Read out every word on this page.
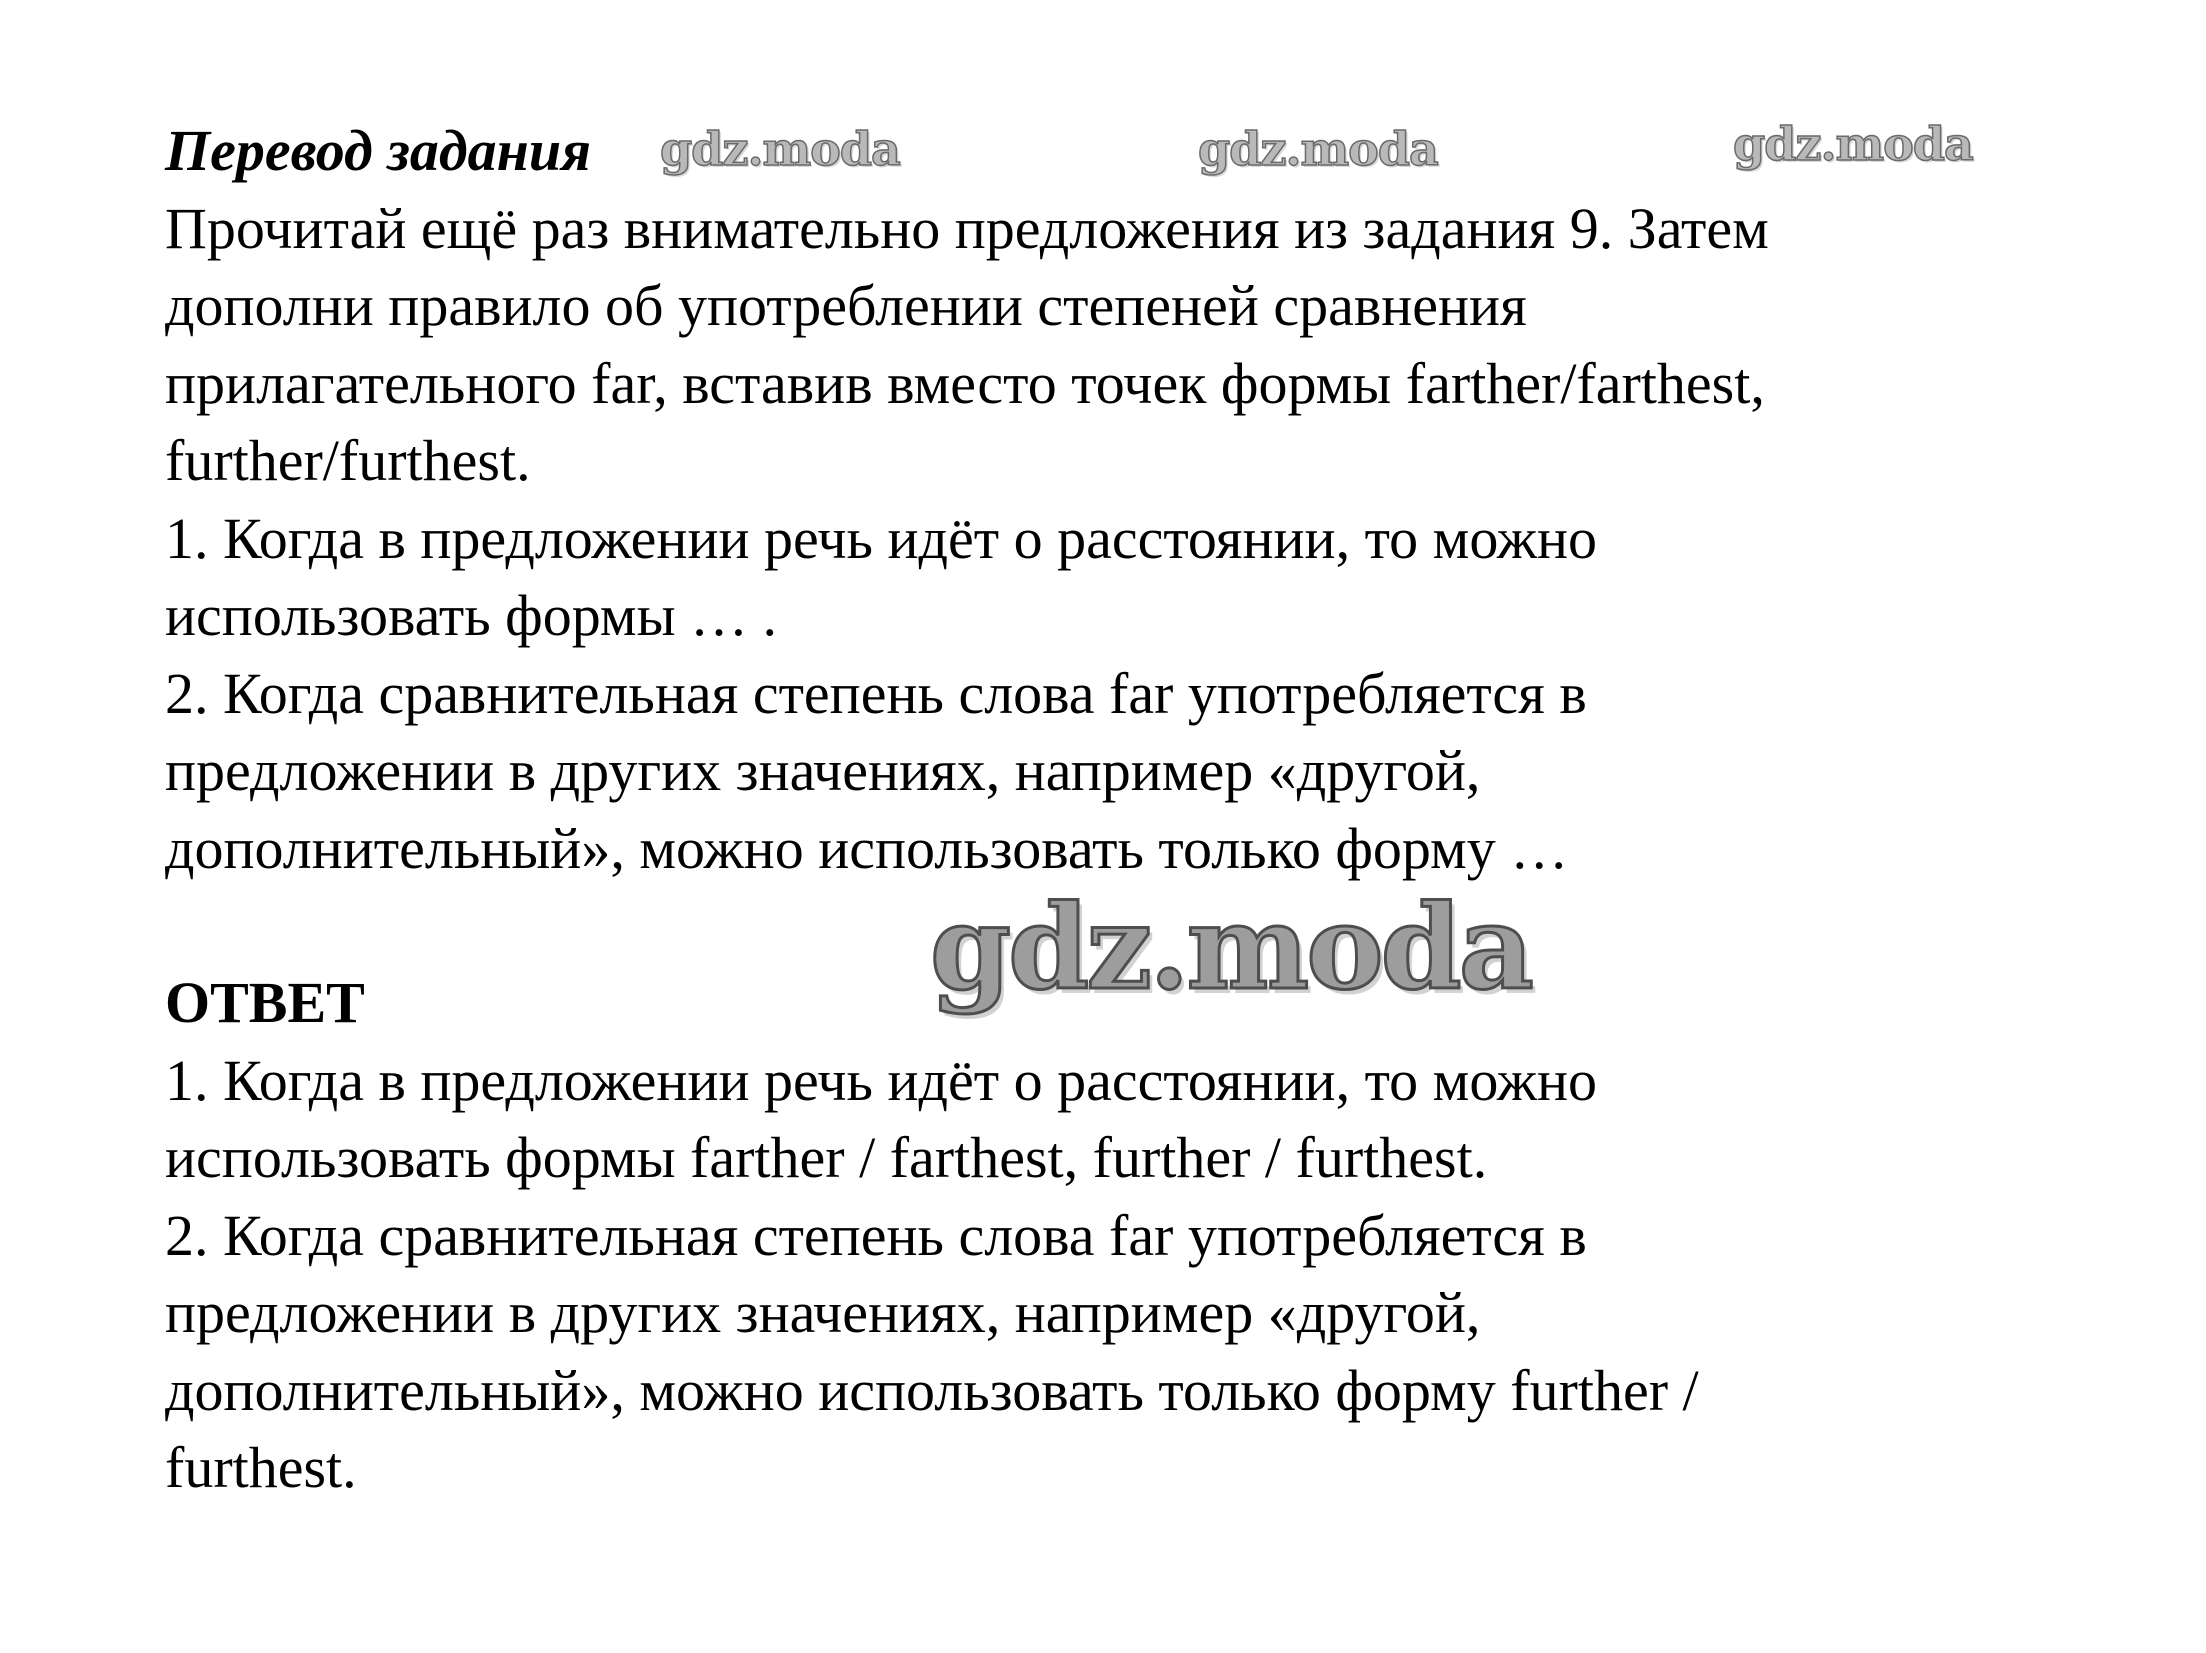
Перевод задания
Прочитай ещё раз внимательно предложения из задания 9. Затем
дополни правило об употреблении степеней сравнения
прилагательного far, вставив вместо точек формы farther/farthest,
further/furthest.
1. Когда в предложении речь идёт о расстоянии, то можно
использовать формы … .
2. Когда сравнительная степень слова far употребляется в
предложении в других значениях, например «другой,
дополнительный», можно использовать только форму …
ОТВЕТ
1. Когда в предложении речь идёт о расстоянии, то можно
использовать формы farther / farthest, further / furthest.
2. Когда сравнительная степень слова far употребляется в
предложении в других значениях, например «другой,
дополнительный», можно использовать только форму further /
furthest.
gdz.moda	gdz.moda	gdz.moda
gdz.moda
